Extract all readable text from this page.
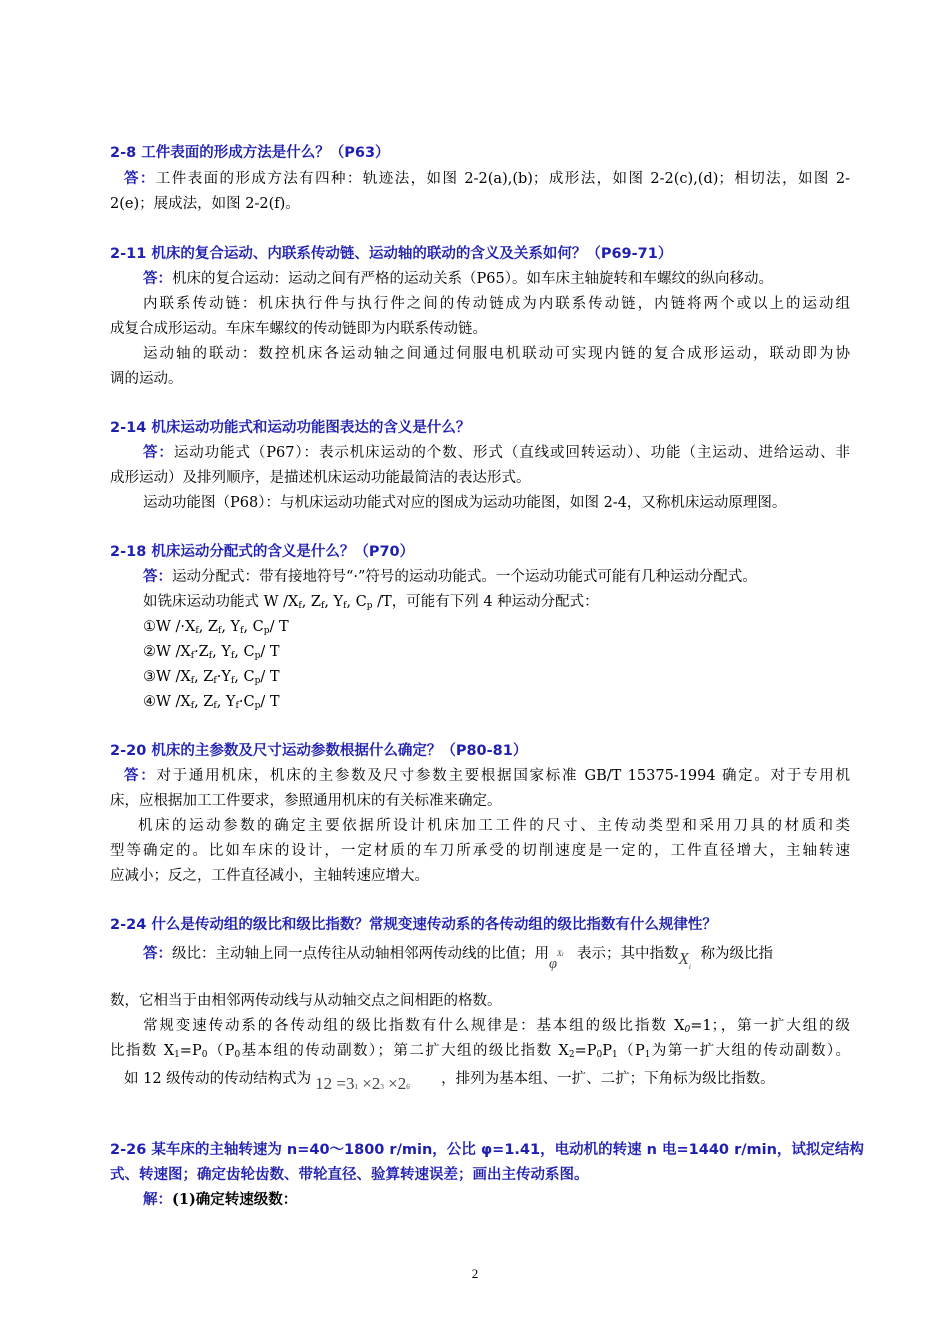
2-8 工件表面的形成方法是什么？（P63）
答：工件表面的形成方法有四种：轨迹法，如图 2-2(a),(b)；成形法，如图 2-2(c),(d)；相切法，如图 2-
2(e)；展成法，如图 2-2(f)。
2-11 机床的复合运动、内联系传动链、运动轴的联动的含义及关系如何？（P69-71）
答：机床的复合运动：运动之间有严格的运动关系（P65）。如车床主轴旋转和车螺纹的纵向移动。
内联系传动链：机床执行件与执行件之间的传动链成为内联系传动链，内链将两个或以上的运动组
成复合成形运动。车床车螺纹的传动链即为内联系传动链。
运动轴的联动：数控机床各运动轴之间通过伺服电机联动可实现内链的复合成形运动，联动即为协
调的运动。
2-14 机床运动功能式和运动功能图表达的含义是什么？
答：运动功能式（P67）：表示机床运动的个数、形式（直线或回转运动）、功能（主运动、进给运动、非
成形运动）及排列顺序，是描述机床运动功能最简洁的表达形式。
运动功能图（P68）：与机床运动功能式对应的图成为运动功能图，如图 2-4，又称机床运动原理图。
2-18 机床运动分配式的含义是什么？（P70）
答：运动分配式：带有接地符号“·”符号的运动功能式。一个运动功能式可能有几种运动分配式。
如铣床运动功能式 W $/X_f$, $Z_f$, $Y_f$, $C_p$ /T，可能有下列 4 种运动分配式：
①W $/\cdot X_f$, $Z_f$, $Y_f$, $C_p/$ T
②W $/X_f\cdot Z_f$, $Y_f$, $C_p/$ T
③W $/X_f$, $Z_f\cdot Y_f$, $C_p/$ T
④W $/X_f$, $Z_f$, $Y_f\cdot C_p/$ T
2-20 机床的主参数及尺寸运动参数根据什么确定？（P80-81）
答：对于通用机床，机床的主参数及尺寸参数主要根据国家标准 GB/T 15375-1994 确定。对于专用机
床，应根据加工工件要求，参照通用机床的有关标准来确定。
机床的运动参数的确定主要依据所设计机床加工工件的尺寸、主传动类型和采用刀具的材质和类
型等确定的。比如车床的设计，一定材质的车刀所承受的切削速度是一定的，工件直径增大，主轴转速
应减小；反之，工件直径减小，主轴转速应增大。
2-24 什么是传动组的级比和级比指数？常规变速传动系的各传动组的级比指数有什么规律性？
答：级比：主动轴上同一点传往从动轴相邻两传动线的比值；用$\varphi^{Xi}$ 表示；其中指数$X_i$称为级比指
数，它相当于由相邻两传动线与从动轴交点之间相距的格数。
常规变速传动系的各传动组的级比指数有什么规律是：基本组的级比指数 $X_0=1$；，第一扩大组的级
比指数 $X_1=P_0(P_0$基本组的传动副数）；第二扩大组的级比指数 $X_2=P_0P_1(P_1$为第一扩大组的传动副数）。
如 12 级传动的传动结构式为 12 =31 ×23 ×26 ，排列为基本组、一扩、二扩；下角标为级比指数。
2-26 某车床的主轴转速为 n=40～1800 r/min，公比 φ=1.41，电动机的转速 n 电=1440 r/min，试拟定结构
式、转速图；确定齿轮齿数、带轮直径、验算转速误差；画出主传动系图。
解：(1)确定转速级数：
2
